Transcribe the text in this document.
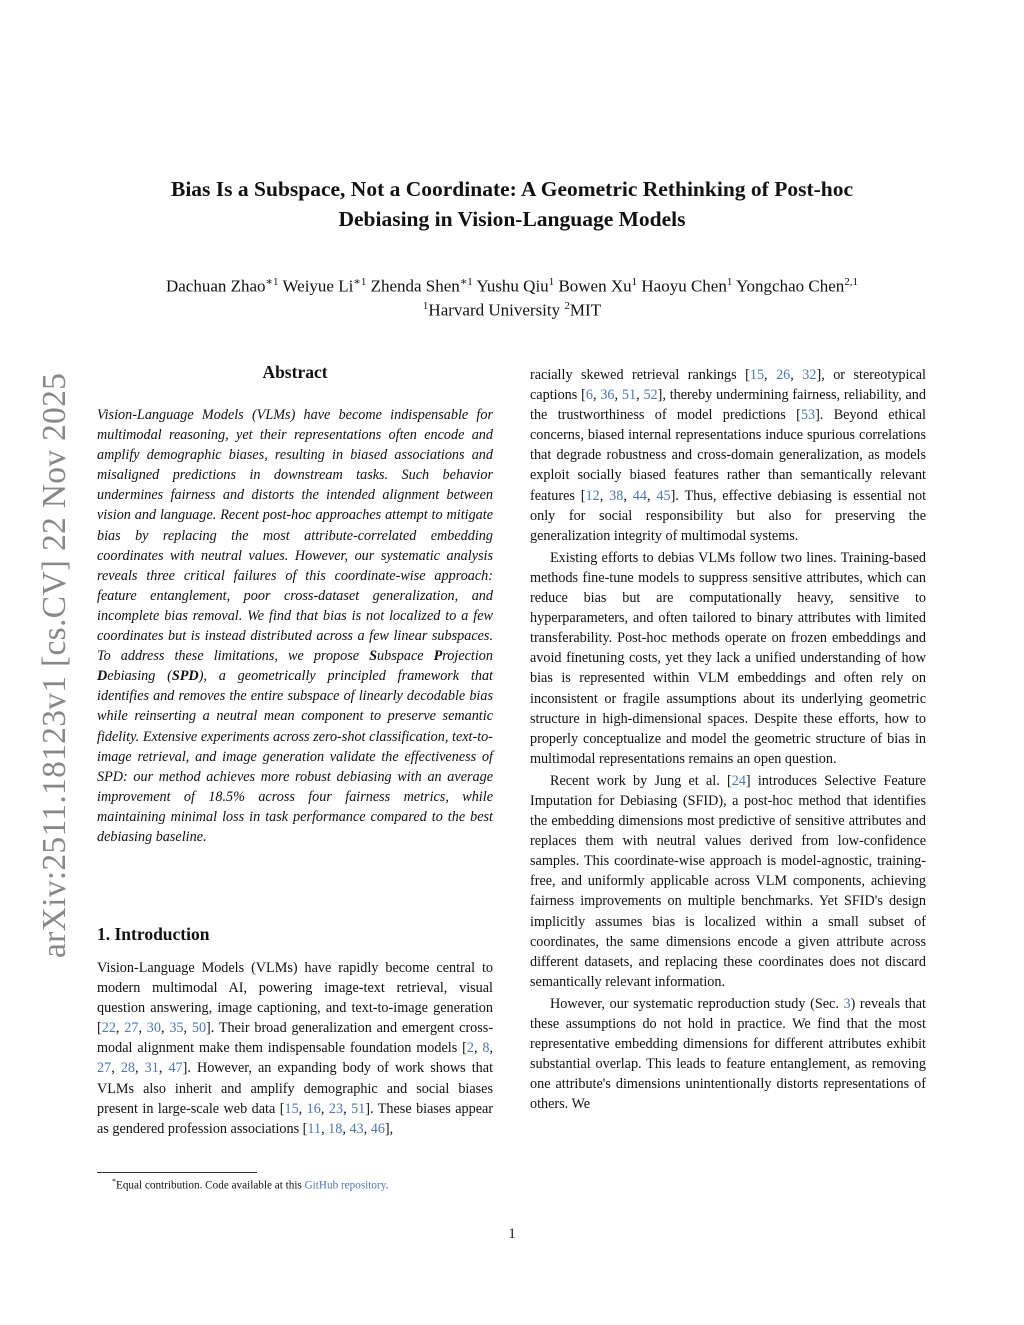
Bias Is a Subspace, Not a Coordinate: A Geometric Rethinking of Post-hoc
Debiasing in Vision-Language Models
Dachuan Zhao$^{∗1}$ Weiyue $Li^{∗1}$ Zhenda Shen$^{∗1}$ Yushu Qiu$^1$ Bowen Xu$^1$ Haoyu Chen$^1$ Yongchao Chen$^{2,1}$
$^1$Harvard University $^2$MIT
arXiv:2511.18123v1 [cs.CV] 22 Nov 2025
Abstract
Vision-Language Models (VLMs) have become indispensable for multimodal reasoning, yet their representations often encode and amplify demographic biases, resulting in biased associations and misaligned predictions in downstream tasks. Such behavior undermines fairness and distorts the intended alignment between vision and language. Recent post-hoc approaches attempt to mitigate bias by replacing the most attribute-correlated embedding coordinates with neutral values. However, our systematic analysis reveals three critical failures of this coordinate-wise approach: feature entanglement, poor cross-dataset generalization, and incomplete bias removal. We find that bias is not localized to a few coordinates but is instead distributed across a few linear subspaces. To address these limitations, we propose Subspace Projection Debiasing (SPD), a geometrically principled framework that identifies and removes the entire subspace of linearly decodable bias while reinserting a neutral mean component to preserve semantic fidelity. Extensive experiments across zero-shot classification, text-to-image retrieval, and image generation validate the effectiveness of SPD: our method achieves more robust debiasing with an average improvement of 18.5% across four fairness metrics, while maintaining minimal loss in task performance compared to the best debiasing baseline.
1. Introduction

Vision-Language Models (VLMs) have rapidly become central to modern multimodal AI, powering image-text retrieval, visual question answering, image captioning, and text-to-image generation [22, 27, 30, 35, 50]. Their broad generalization and emergent cross-modal alignment make them indispensable foundation models [2, 8, 27, 28, 31, 47]. However, an expanding body of work shows that VLMs also inherit and amplify demographic and social biases present in large-scale web data [15, 16, 23, 51]. These biases appear as gendered profession associations [11, 18, 43, 46],

racially skewed retrieval rankings [15, 26, 32], or stereotypical captions [6, 36, 51, 52], thereby undermining fairness, reliability, and the trustworthiness of model predictions [53]. Beyond ethical concerns, biased internal representations induce spurious correlations that degrade robustness and cross-domain generalization, as models exploit socially biased features rather than semantically relevant features [12, 38, 44, 45]. Thus, effective debiasing is essential not only for social responsibility but also for preserving the generalization integrity of multimodal systems.

Existing efforts to debias VLMs follow two lines. Training-based methods fine-tune models to suppress sensitive attributes, which can reduce bias but are computationally heavy, sensitive to hyperparameters, and often tailored to binary attributes with limited transferability. Post-hoc methods operate on frozen embeddings and avoid finetuning costs, yet they lack a unified understanding of how bias is represented within VLM embeddings and often rely on inconsistent or fragile assumptions about its underlying geometric structure in high-dimensional spaces. Despite these efforts, how to properly conceptualize and model the geometric structure of bias in multimodal representations remains an open question.

Recent work by Jung et al. [24] introduces Selective Feature Imputation for Debiasing (SFID), a post-hoc method that identifies the embedding dimensions most predictive of sensitive attributes and replaces them with neutral values derived from low-confidence samples. This coordinate-wise approach is model-agnostic, training-free, and uniformly applicable across VLM components, achieving fairness improvements on multiple benchmarks. Yet SFID's design implicitly assumes bias is localized within a small subset of coordinates, the same dimensions encode a given attribute across different datasets, and replacing these coordinates does not discard semantically relevant information.

However, our systematic reproduction study (Sec. 3) reveals that these assumptions do not hold in practice. We find that the most representative embedding dimensions for different attributes exhibit substantial overlap. This leads to feature entanglement, as removing one attribute's dimensions unintentionally distorts representations of others. We

*Equal contribution. Code available at this GitHub repository.
1
